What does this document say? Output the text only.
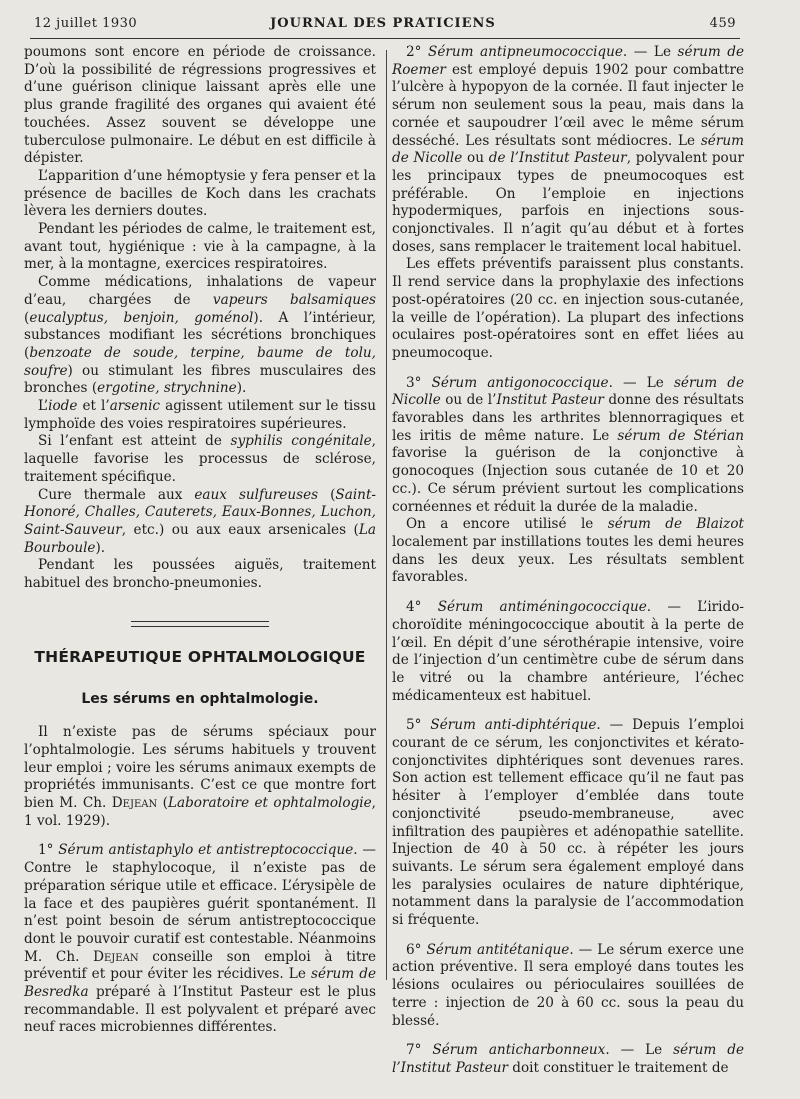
12 juillet 1930	JOURNAL DES PRATICIENS	459

poumons sont encore en période de croissance. D’où la possibilité de régressions progressives et d’une guérison clinique laissant après elle une plus grande fragilité des organes qui avaient été touchées. Assez souvent se développe une tuberculose pulmonaire. Le début en est difficile à dépister.

L’apparition d’une hémoptysie y fera penser et la présence de bacilles de Koch dans les crachats lèvera les derniers doutes.

Pendant les périodes de calme, le traitement est, avant tout, hygiénique : vie à la campagne, à la mer, à la montagne, exercices respiratoires.

Comme médications, inhalations de vapeur d’eau, chargées de vapeurs balsamiques (eucalyptus, benjoin, goménol). A l’intérieur, substances modifiant les sécrétions bronchiques (benzoate de soude, terpine, baume de tolu, soufre) ou stimulant les fibres musculaires des bronches (ergotine, strychnine).

L’iode et l’arsenic agissent utilement sur le tissu lymphoïde des voies respiratoires supérieures.

Si l’enfant est atteint de syphilis congénitale, laquelle favorise les processus de sclérose, traitement spécifique.

Cure thermale aux eaux sulfureuses (Saint-Honoré, Challes, Cauterets, Eaux-Bonnes, Luchon, Saint-Sauveur, etc.) ou aux eaux arsenicales (La Bourboule).

Pendant les poussées aiguës, traitement habituel des broncho-pneumonies.

THÉRAPEUTIQUE OPHTALMOLOGIQUE
Les sérums en ophtalmologie.

Il n’existe pas de sérums spéciaux pour l’ophtalmologie. Les sérums habituels y trouvent leur emploi ; voire les sérums animaux exempts de propriétés immunisants. C’est ce que montre fort bien M. Ch. Dejean (Laboratoire et ophtalmologie, 1 vol. 1929).

1° Sérum antistaphylo et antistreptococcique. — Contre le staphylocoque, il n’existe pas de préparation sérique utile et efficace. L’érysipèle de la face et des paupières guérit spontanément. Il n’est point besoin de sérum antistreptococcique dont le pouvoir curatif est contestable. Néanmoins M. Ch. Dejean conseille son emploi à titre préventif et pour éviter les récidives. Le sérum de Besredka préparé à l’Institut Pasteur est le plus recommandable. Il est polyvalent et préparé avec neuf races microbiennes différentes.

2° Sérum antipneumococcique. — Le sérum de Roemer est employé depuis 1902 pour combattre l’ulcère à hypopyon de la cornée. Il faut injecter le sérum non seulement sous la peau, mais dans la cornée et saupoudrer l’œil avec le même sérum desséché. Les résultats sont médiocres. Le sérum de Nicolle ou de l’Institut Pasteur, polyvalent pour les principaux types de pneumocoques est préférable. On l’emploie en injections hypodermiques, parfois en injections sous-conjonctivales. Il n’agit qu’au début et à fortes doses, sans remplacer le traitement local habituel.

Les effets préventifs paraissent plus constants. Il rend service dans la prophylaxie des infections post-opératoires (20 cc. en injection sous-cutanée, la veille de l’opération). La plupart des infections oculaires post-opératoires sont en effet liées au pneumocoque.

3° Sérum antigonococcique. — Le sérum de Nicolle ou de l’Institut Pasteur donne des résultats favorables dans les arthrites blennorragiques et les iritis de même nature. Le sérum de Stérian favorise la guérison de la conjonctive à gonocoques (Injection sous cutanée de 10 et 20 cc.). Ce sérum prévient surtout les complications cornéennes et réduit la durée de la maladie.

On a encore utilisé le sérum de Blaizot localement par instillations toutes les demi heures dans les deux yeux. Les résultats semblent favorables.

4° Sérum antiméningococcique. — L’irido-choroïdite méningococcique aboutit à la perte de l’œil. En dépit d’une sérothérapie intensive, voire de l’injection d’un centimètre cube de sérum dans le vitré ou la chambre antérieure, l’échec médicamenteux est habituel.

5° Sérum anti-diphtérique. — Depuis l’emploi courant de ce sérum, les conjonctivites et kérato-conjonctivites diphtériques sont devenues rares. Son action est tellement efficace qu’il ne faut pas hésiter à l’employer d’emblée dans toute conjonctivité pseudo-membraneuse, avec infiltration des paupières et adénopathie satellite. Injection de 40 à 50 cc. à répéter les jours suivants. Le sérum sera également employé dans les paralysies oculaires de nature diphtérique, notamment dans la paralysie de l’accommodation si fréquente.

6° Sérum antitétanique. — Le sérum exerce une action préventive. Il sera employé dans toutes les lésions oculaires ou périoculaires souillées de terre : injection de 20 à 60 cc. sous la peau du blessé.

7° Sérum anticharbonneux. — Le sérum de l’Institut Pasteur doit constituer le traitement de
